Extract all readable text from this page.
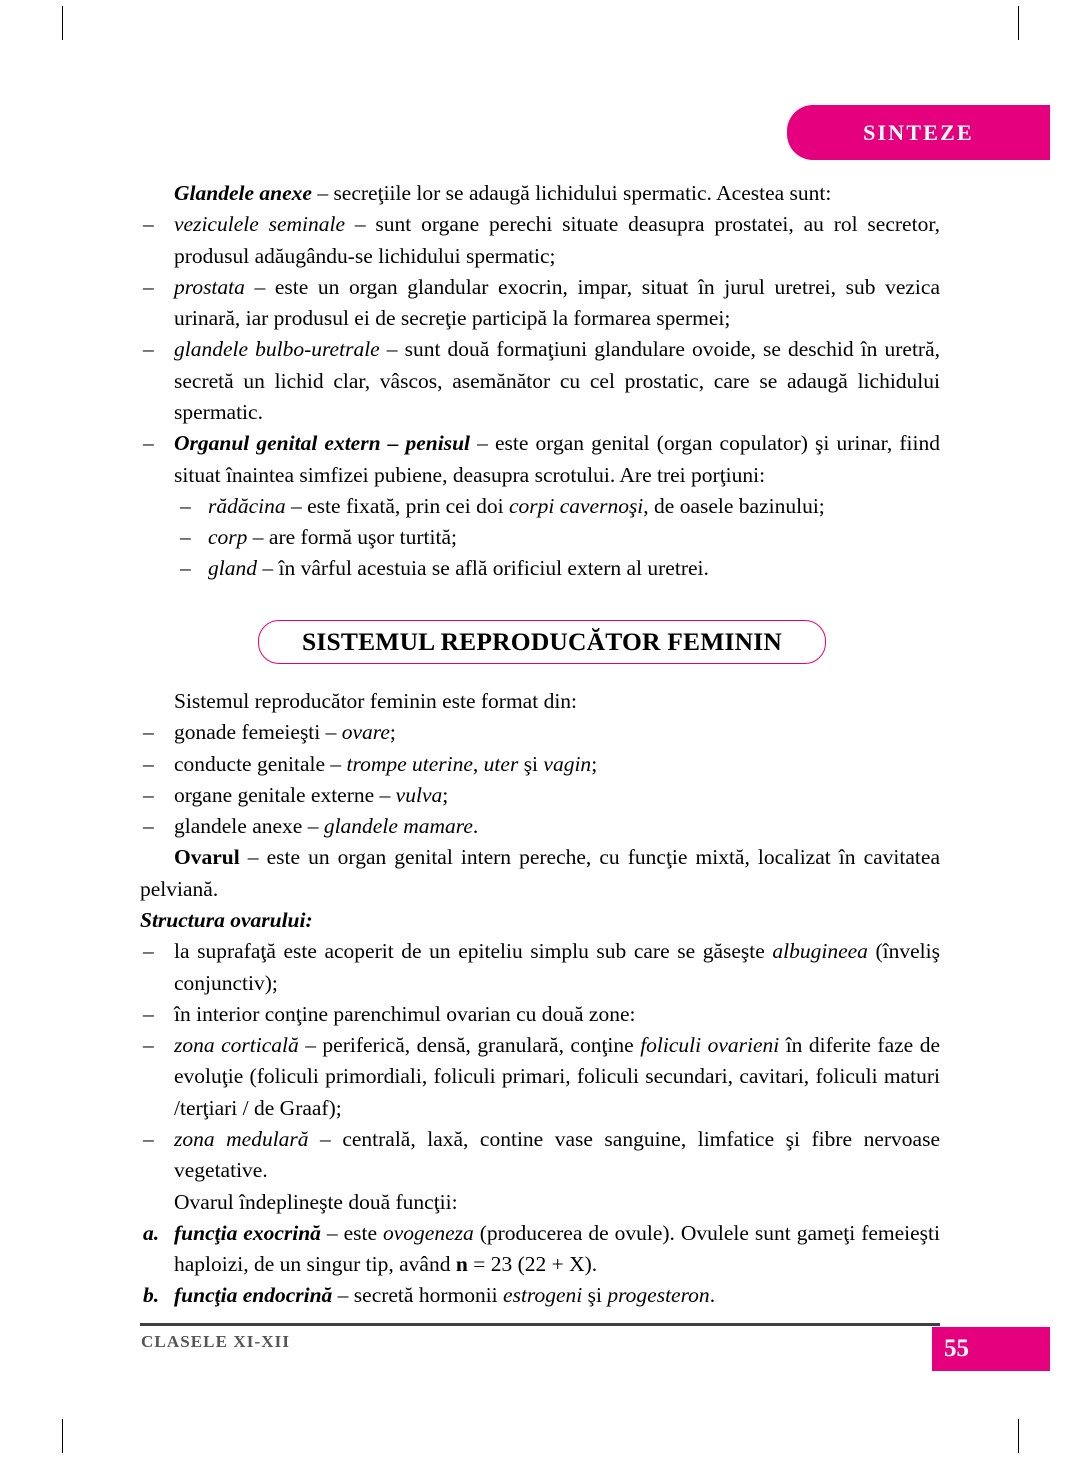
SINTEZE

Glandele anexe – secreţiile lor se adaugă lichidului spermatic. Acestea sunt:

– veziculele seminale – sunt organe perechi situate deasupra prostatei, au rol secretor, produsul adăugându-se lichidului spermatic;

– prostata – este un organ glandular exocrin, impar, situat în jurul uretrei, sub vezica urinară, iar produsul ei de secreţie participă la formarea spermei;

– glandele bulbo-uretrale – sunt două formaţiuni glandulare ovoide, se deschid în uretră, secretă un lichid clar, vâscos, asemănător cu cel prostatic, care se adaugă lichidului spermatic.

– Organul genital extern – penisul – este organ genital (organ copulator) şi urinar, fiind situat înaintea simfizei pubiene, deasupra scrotului. Are trei porţiuni:

– rădăcina – este fixată, prin cei doi corpi cavernoşi, de oasele bazinului;

– corp – are formă uşor turtită;

– gland – în vârful acestuia se află orificiul extern al uretrei.

SISTEMUL REPRODUCĂTOR FEMININ

Sistemul reproducător feminin este format din:

– gonade femeieşti – ovare;

– conducte genitale – trompe uterine, uter şi vagin;

– organe genitale externe – vulva;

– glandele anexe – glandele mamare.

Ovarul – este un organ genital intern pereche, cu funcţie mixtă, localizat în cavitatea pelviană.

Structura ovarului:

– la suprafaţă este acoperit de un epiteliu simplu sub care se găseşte albugineea (înveliş conjunctiv);

– în interior conţine parenchimul ovarian cu două zone:

– zona corticală – periferică, densă, granulară, conţine foliculi ovarieni în diferite faze de evoluţie (foliculi primordiali, foliculi primari, foliculi secundari, cavitari, foliculi maturi /terţiari / de Graaf);

– zona medulară – centrală, laxă, contine vase sanguine, limfatice şi fibre nervoase vegetative.

Ovarul îndeplineşte două funcţii:

a. funcţia exocrină – este ovogeneza (producerea de ovule). Ovulele sunt gameţi femeieşti haploizi, de un singur tip, având n = 23 (22 + X).

b. funcţia endocrină – secretă hormonii estrogeni şi progesteron.

CLASELE XI-XII	55
